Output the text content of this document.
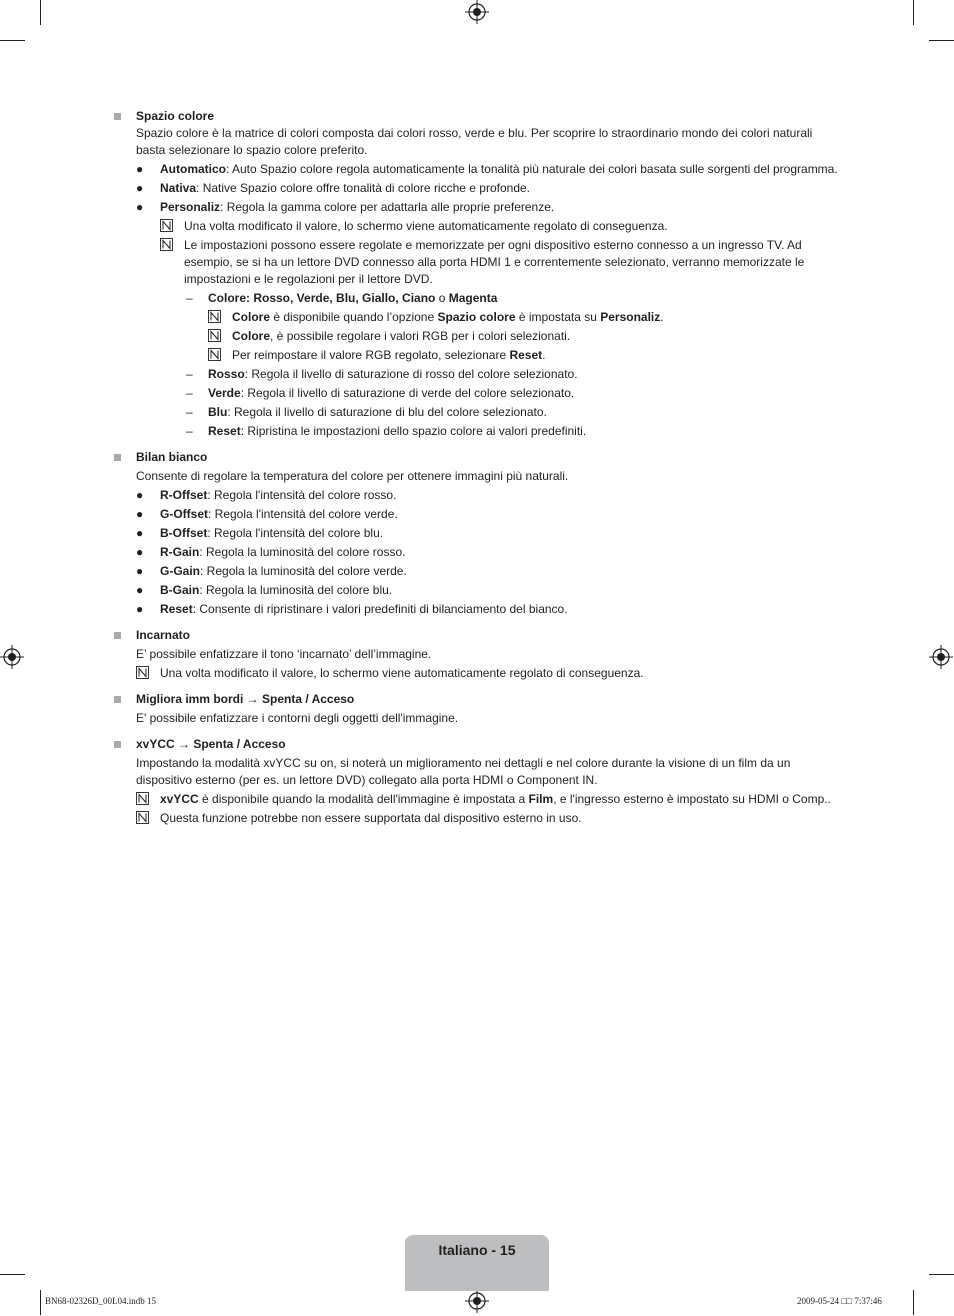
Spazio colore
Spazio colore è la matrice di colori composta dai colori rosso, verde e blu. Per scoprire lo straordinario mondo dei colori naturali basta selezionare lo spazio colore preferito.
● Automatico: Auto Spazio colore regola automaticamente la tonalità più naturale dei colori basata sulle sorgenti del programma.
● Nativa: Native Spazio colore offre tonalità di colore ricche e profonde.
● Personaliz: Regola la gamma colore per adattarla alle proprie preferenze.
Una volta modificato il valore, lo schermo viene automaticamente regolato di conseguenza.
Le impostazioni possono essere regolate e memorizzate per ogni dispositivo esterno connesso a un ingresso TV. Ad esempio, se si ha un lettore DVD connesso alla porta HDMI 1 e correntemente selezionato, verranno memorizzate le impostazioni e le regolazioni per il lettore DVD.
– Colore: Rosso, Verde, Blu, Giallo, Ciano o Magenta
Colore è disponibile quando l’opzione Spazio colore è impostata su Personaliz.
Colore, è possibile regolare i valori RGB per i colori selezionati.
Per reimpostare il valore RGB regolato, selezionare Reset.
– Rosso: Regola il livello di saturazione di rosso del colore selezionato.
– Verde: Regola il livello di saturazione di verde del colore selezionato.
– Blu: Regola il livello di saturazione di blu del colore selezionato.
– Reset: Ripristina le impostazioni dello spazio colore ai valori predefiniti.
Bilan bianco
Consente di regolare la temperatura del colore per ottenere immagini più naturali.
● R-Offset: Regola l'intensità del colore rosso.
● G-Offset: Regola l'intensità del colore verde.
● B-Offset: Regola l'intensità del colore blu.
● R-Gain: Regola la luminosità del colore rosso.
● G-Gain: Regola la luminosità del colore verde.
● B-Gain: Regola la luminosità del colore blu.
● Reset: Consente di ripristinare i valori predefiniti di bilanciamento del bianco.
Incarnato
E’ possibile enfatizzare il tono ‘incarnato’ dell’immagine.
Una volta modificato il valore, lo schermo viene automaticamente regolato di conseguenza.
Migliora imm bordi → Spenta / Acceso
E' possibile enfatizzare i contorni degli oggetti dell'immagine.
xvYCC → Spenta / Acceso
Impostando la modalità xvYCC su on, si noterà un miglioramento nei dettagli e nel colore durante la visione di un film da un dispositivo esterno (per es. un lettore DVD) collegato alla porta HDMI o Component IN.
xvYCC è disponibile quando la modalità dell'immagine è impostata a Film, e l'ingresso esterno è impostato su HDMI o Comp..
Questa funzione potrebbe non essere supportata dal dispositivo esterno in uso.
Italiano - 15
BN68-02326D_00L04.indb 15	2009-05-24 □□ 7:37:46
